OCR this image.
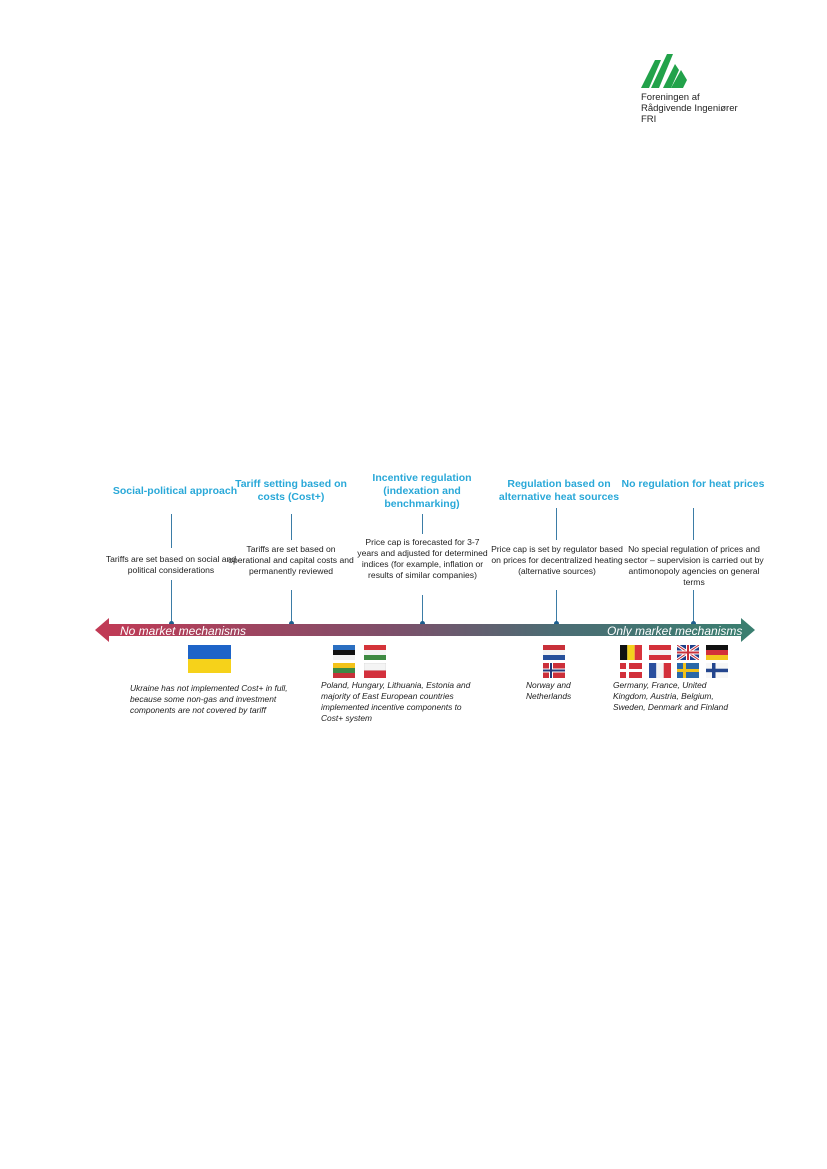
Foreningen af
Rådgivende Ingeniører
FRI
Social-political approach
Tariffs are set based on social and political considerations
Tariff setting based on costs (Cost+)
Tariffs are set based on operational and capital costs and permanently reviewed
Incentive regulation (indexation and benchmarking)
Price cap is forecasted for 3-7 years and adjusted for determined indices (for example, inflation or results of similar companies)
Regulation based on alternative heat sources
Price cap is set by regulator based on prices for decentralized heating (alternative sources)
No regulation for heat prices
No special regulation of prices and sector – supervision is carried out by antimonopoly agencies on general terms
No market mechanisms	Only market mechanisms
Ukraine has not implemented Cost+ in full, because some non-gas and investment components are not covered by tariff
Poland, Hungary, Lithuania, Estonia and majority of East European countries implemented incentive components to Cost+ system
Norway and Netherlands
Germany, France, United Kingdom, Austria, Belgium, Sweden, Denmark and Finland
